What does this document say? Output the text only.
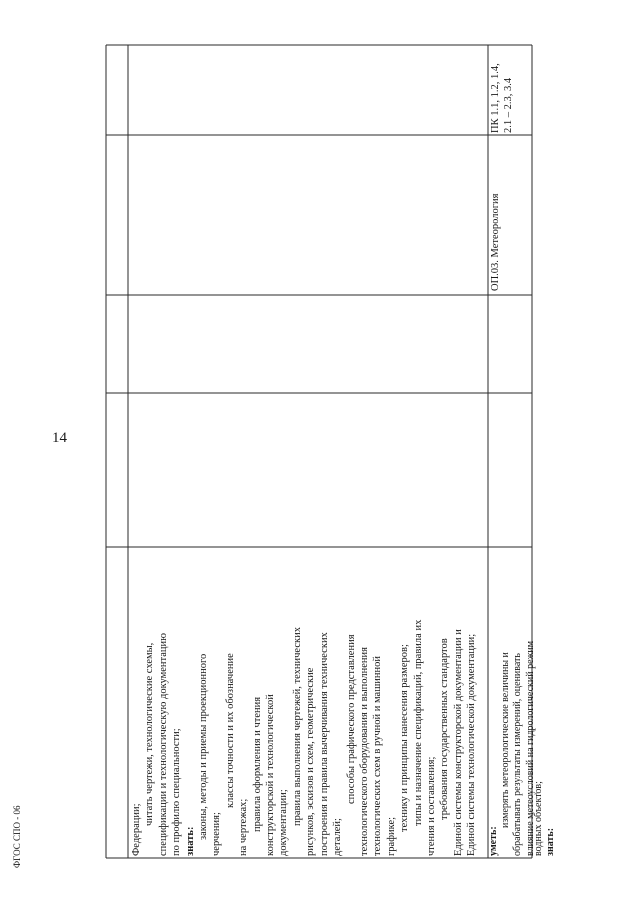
14
Федерации;
читать чертежи, технологические схемы, спецификации и технологическую документацию по профилю специальности; знать:
законы, методы и приемы проекционного черчения;
классы точности и их обозначение
на чертежах; правила оформления и чтения конструкторской и технологической документации; правила выполнения чертежей, технических рисунков, эскизов и схем, геометрические построения и правила вычерчивания технических деталей;
способы графического представления технологического оборудования и выполнения технологических схем в ручной и машинной графике;
технику и принципы нанесения размеров; типы и назначение спецификаций, правила их чтения и составления; требования государственных стандартов Единой системы конструкторской документации и Единой системы технологической документации; уметь:
измерять метеорологические величины и обрабатывать результаты измерений, оценивать влияние метеоусловий на гидрологический режим
водных объектов; знать:
ОП.03. Метеорология
ПК 1.1, 1.2, 1.4, 2.1 – 2.3, 3.4
ФГОС СПО - 06
